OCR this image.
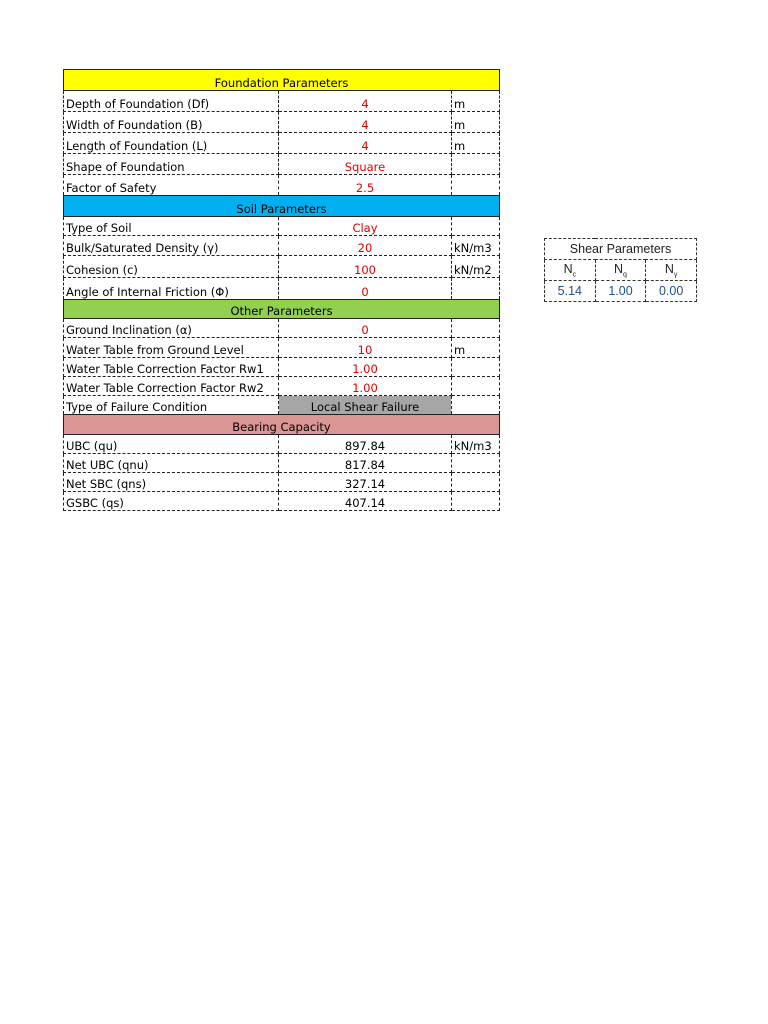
Foundation Parameters		
Depth of Foundation (Df)	4	m
Width of Foundation (B)	4	m
Length of Foundation (L)	4	m
Shape of Foundation	Square	
Factor of Safety	2.5	
Soil Parameters		
Type of Soil	Clay	
Bulk/Saturated Density (γ)	20	kN/m3
Cohesion (c)	100	kN/m2
Angle of Internal Friction (Φ)	0	
Other Parameters		
Ground Inclination (α)	0	
Water Table from Ground Level	10	m
Water Table Correction Factor Rw1	1.00	
Water Table Correction Factor Rw2	1.00	
Type of Failure Condition	Local Shear Failure	
Bearing Capacity		
UBC (qu)	897.84	kN/m3
Net UBC (qnu)	817.84	
Net SBC (qns)	327.14	
GSBC (qs)	407.14	
Shear Parameters		
$N_c$	$N_q$	$N_\gamma$
5.14	1.00	0.00
